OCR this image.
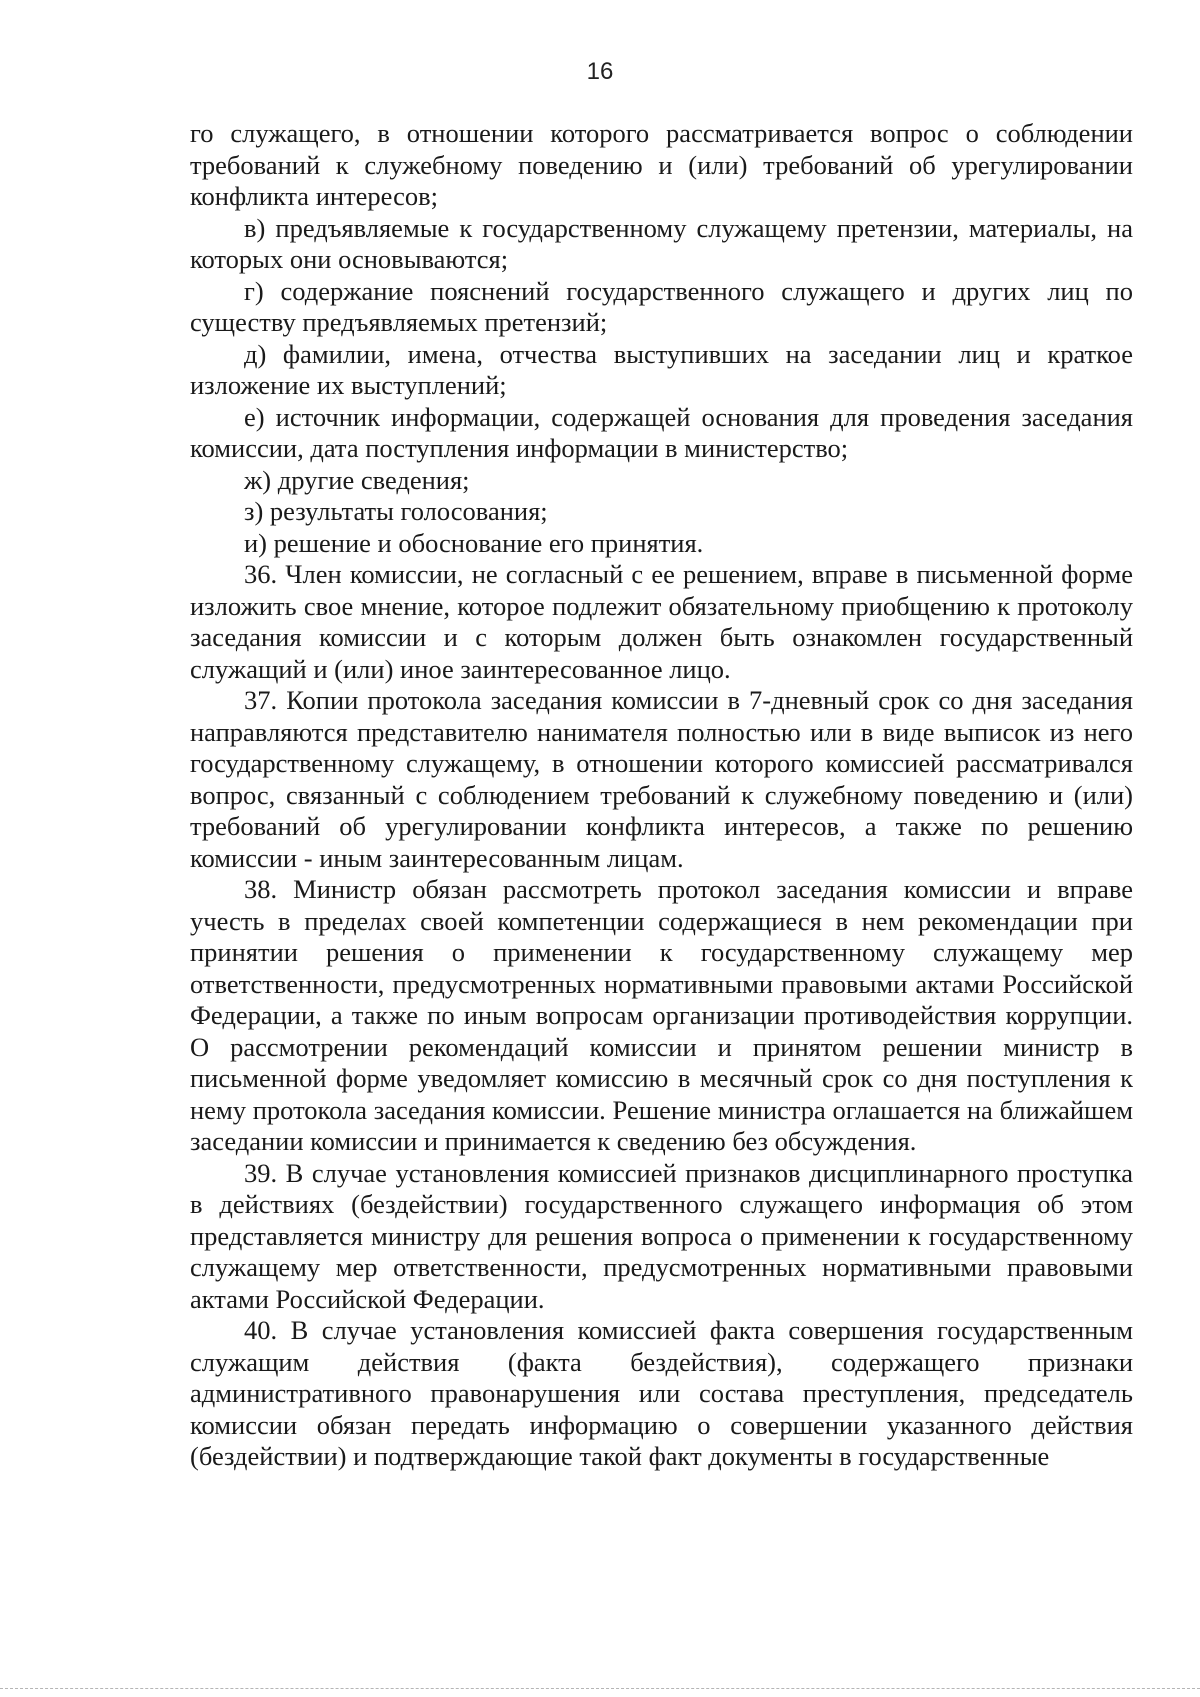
16

го служащего, в отношении которого рассматривается вопрос о соблюдении требований к служебному поведению и (или) требований об урегулировании конфликта интересов;

в) предъявляемые к государственному служащему претензии, материалы, на которых они основываются;

г) содержание пояснений государственного служащего и других лиц по существу предъявляемых претензий;

д) фамилии, имена, отчества выступивших на заседании лиц и краткое изложение их выступлений;

е) источник информации, содержащей основания для проведения заседания комиссии, дата поступления информации в министерство;

ж) другие сведения;

з) результаты голосования;

и) решение и обоснование его принятия.

36. Член комиссии, не согласный с ее решением, вправе в письменной форме изложить свое мнение, которое подлежит обязательному приобщению к протоколу заседания комиссии и с которым должен быть ознакомлен государственный служащий и (или) иное заинтересованное лицо.

37. Копии протокола заседания комиссии в 7-дневный срок со дня заседания направляются представителю нанимателя полностью или в виде выписок из него государственному служащему, в отношении которого комиссией рассматривался вопрос, связанный с соблюдением требований к служебному поведению и (или) требований об урегулировании конфликта интересов, а также по решению комиссии - иным заинтересованным лицам.

38. Министр обязан рассмотреть протокол заседания комиссии и вправе учесть в пределах своей компетенции содержащиеся в нем рекомендации при принятии решения о применении к государственному служащему мер ответственности, предусмотренных нормативными правовыми актами Российской Федерации, а также по иным вопросам организации противодействия коррупции. О рассмотрении рекомендаций комиссии и принятом решении министр в письменной форме уведомляет комиссию в месячный срок со дня поступления к нему протокола заседания комиссии. Решение министра оглашается на ближайшем заседании комиссии и принимается к сведению без обсуждения.

39. В случае установления комиссией признаков дисциплинарного проступка в действиях (бездействии) государственного служащего информация об этом представляется министру для решения вопроса о применении к государственному служащему мер ответственности, предусмотренных нормативными правовыми актами Российской Федерации.

40. В случае установления комиссией факта совершения государственным служащим действия (факта бездействия), содержащего признаки административного правонарушения или состава преступления, председатель комиссии обязан передать информацию о совершении указанного действия (бездействии) и подтверждающие такой факт документы в государственные
